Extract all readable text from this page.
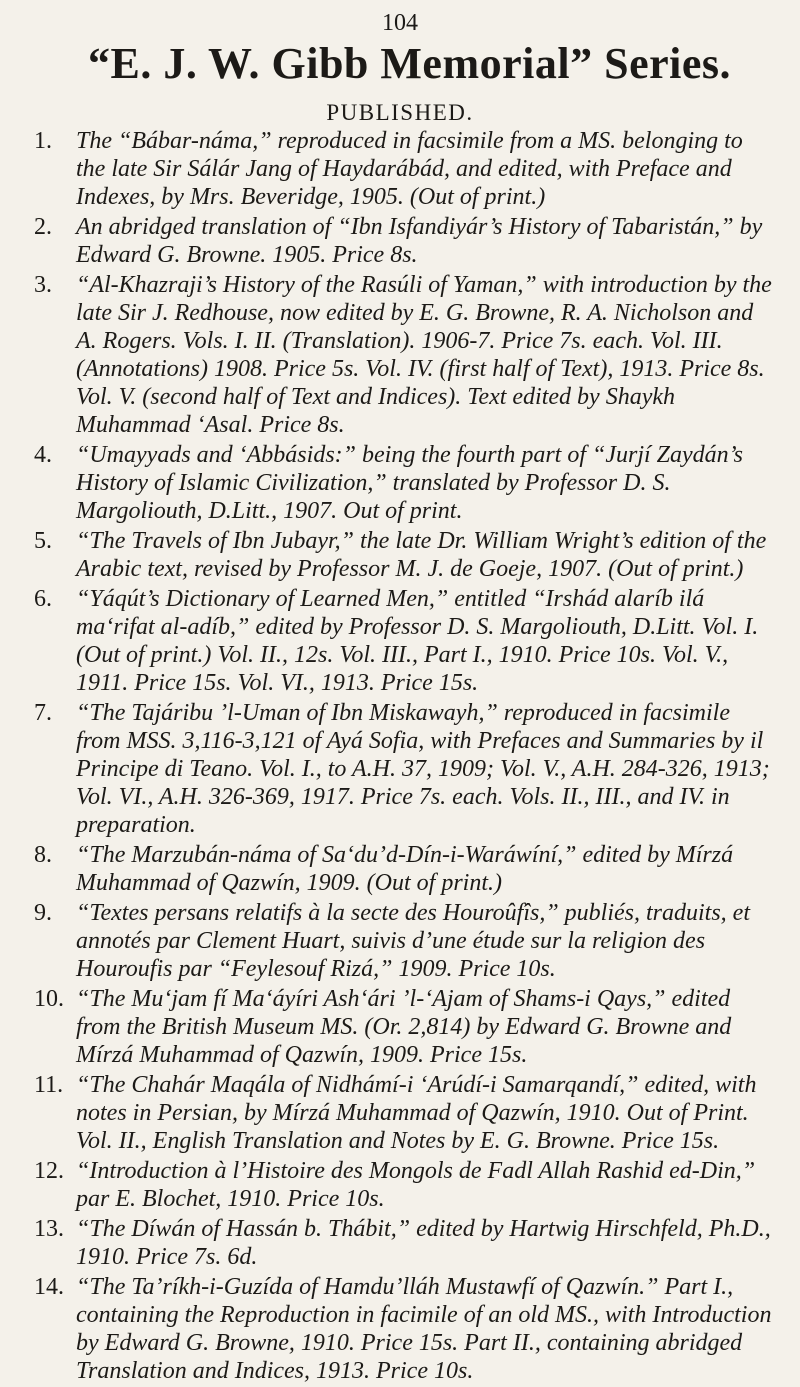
104
“E. J. W. Gibb Memorial” Series.
PUBLISHED.
1.	The “Bábar-náma,” reproduced in facsimile from a MS. belonging to the late Sir Sálár Jang of Haydarábád, and edited, with Preface and Indexes, by Mrs. Beveridge, 1905. (Out of print.)
2.	An abridged translation of “Ibn Isfandiyár’s History of Tabaristán,” by Edward G. Browne. 1905. Price 8s.
3.	“Al-Khazraji’s History of the Rasúli of Yaman,” with introduction by the late Sir J. Redhouse, now edited by E. G. Browne, R. A. Nicholson and A. Rogers. Vols. I. II. (Translation). 1906-7. Price 7s. each. Vol. III. (Annotations) 1908. Price 5s. Vol. IV. (first half of Text), 1913. Price 8s. Vol. V. (second half of Text and Indices). Text edited by Shaykh Muhammad ‘Asal. Price 8s.
4.	“Umayyads and ‘Abbásids:” being the fourth part of “Jurjí Zaydán’s History of Islamic Civilization,” translated by Professor D. S. Margoliouth, D.Litt., 1907. Out of print.
5.	“The Travels of Ibn Jubayr,” the late Dr. William Wright’s edition of the Arabic text, revised by Professor M. J. de Goeje, 1907. (Out of print.)
6.	“Yáqút’s Dictionary of Learned Men,” entitled “Irshád alaríb ilá ma‘rifat al-adíb,” edited by Professor D. S. Margoliouth, D.Litt. Vol. I. (Out of print.) Vol. II., 12s. Vol. III., Part I., 1910. Price 10s. Vol. V., 1911. Price 15s. Vol. VI., 1913. Price 15s.
7.	“The Tajáribu ’l-Uman of Ibn Miskawayh,” reproduced in facsimile from MSS. 3,116-3,121 of Ayá Sofia, with Prefaces and Summaries by il Principe di Teano. Vol. I., to A.H. 37, 1909; Vol. V., A.H. 284-326, 1913; Vol. VI., A.H. 326-369, 1917. Price 7s. each. Vols. II., III., and IV. in preparation.
8.	“The Marzubán-náma of Sa‘du’d-Dín-i-Waráwíní,” edited by Mírzá Muhammad of Qazwín, 1909. (Out of print.)
9.	“Textes persans relatifs à la secte des Houroûfîs,” publiés, traduits, et annotés par Clement Huart, suivis d’une étude sur la religion des Houroufis par “Feylesouf Rizá,” 1909. Price 10s.
10. “The Mu‘jam fí Ma‘áyíri Ash‘ári ’l-‘Ajam of Shams-i Qays,” edited from the British Museum MS. (Or. 2,814) by Edward G. Browne and Mírzá Muhammad of Qazwín, 1909. Price 15s.
11. “The Chahár Maqála of Nidhámí-i ‘Arúdí-i Samarqandí,” edited, with notes in Persian, by Mírzá Muhammad of Qazwín, 1910. Out of Print. Vol. II., English Translation and Notes by E. G. Browne. Price 15s.
12. “Introduction à l’Histoire des Mongols de Fadl Allah Rashid ed-Din,” par E. Blochet, 1910. Price 10s.
13. “The Díwán of Hassán b. Thábit,” edited by Hartwig Hirschfeld, Ph.D., 1910. Price 7s. 6d.
14. “The Ta’ríkh-i-Guzída of Hamdu’lláh Mustawfí of Qazwín.” Part I., containing the Reproduction in facimile of an old MS., with Introduction by Edward G. Browne, 1910. Price 15s. Part II., containing abridged Translation and Indices, 1913. Price 10s.
